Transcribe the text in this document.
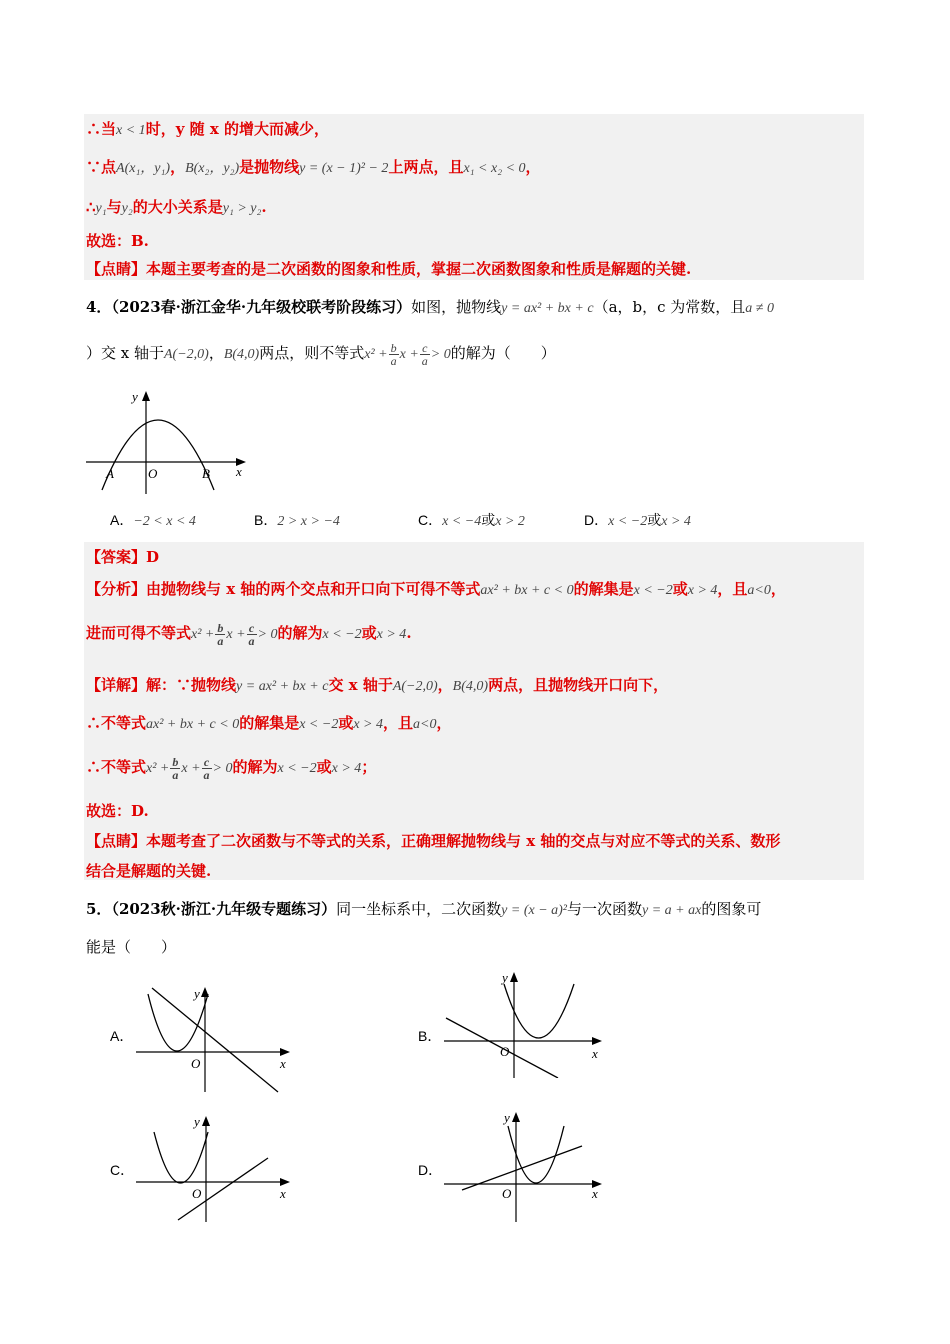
∴当x < 1时，y 随 x 的增大而减少，
∵点A(x₁，y₁)，B(x₂，y₂)是抛物线y = (x − 1)² − 2上两点，且x₁ < x₂ < 0，
∴y₁与y₂的大小关系是y₁ > y₂.
故选：B.
【点睛】本题主要考查的是二次函数的图象和性质，掌握二次函数图象和性质是解题的关键.
4．（2023春·浙江金华·九年级校联考阶段练习）如图，抛物线y = ax² + bx + c（a，b，c 为常数，且a ≠ 0
）交 x 轴于A(−2,0)，B(4,0)两点，则不等式$x^2 + \frac{b}{a}$ $x + \frac{c}{a} > 0$的解为（　　）
y
x
A	O	B
A．−2 < x < 4	B．2 > x > −4	C．x < −4或x > 2	D．x < −2或x > 4
【答案】D
【分析】由抛物线与 x 轴的两个交点和开口向下可得不等式ax² + bx + c < 0的解集是x < −2或x > 4，且a<0，
进而可得不等式$x^2 + \frac{b}{a}$ $x + \frac{c}{a} > 0$的解为x < −2或x > 4.
【详解】解：∵抛物线y = ax² + bx + c交 x 轴于A(−2,0)，B(4,0)两点，且抛物线开口向下，
∴不等式ax² + bx + c < 0的解集是x < −2或x > 4，且a<0，
∴不等式$x^2 + \frac{b}{a}$ $x + \frac{c}{a} > 0$的解为x < −2或x > 4；
故选：D.
【点睛】本题考查了二次函数与不等式的关系，正确理解抛物线与 x 轴的交点与对应不等式的关系、数形
结合是解题的关键.
5．（2023秋·浙江·九年级专题练习）同一坐标系中，二次函数y = (x − a)²与一次函数y = a + ax的图象可
能是（　　）
A．
y
x
O
B．
y
x
O
C．
y
x
O
D．
y
x
O
